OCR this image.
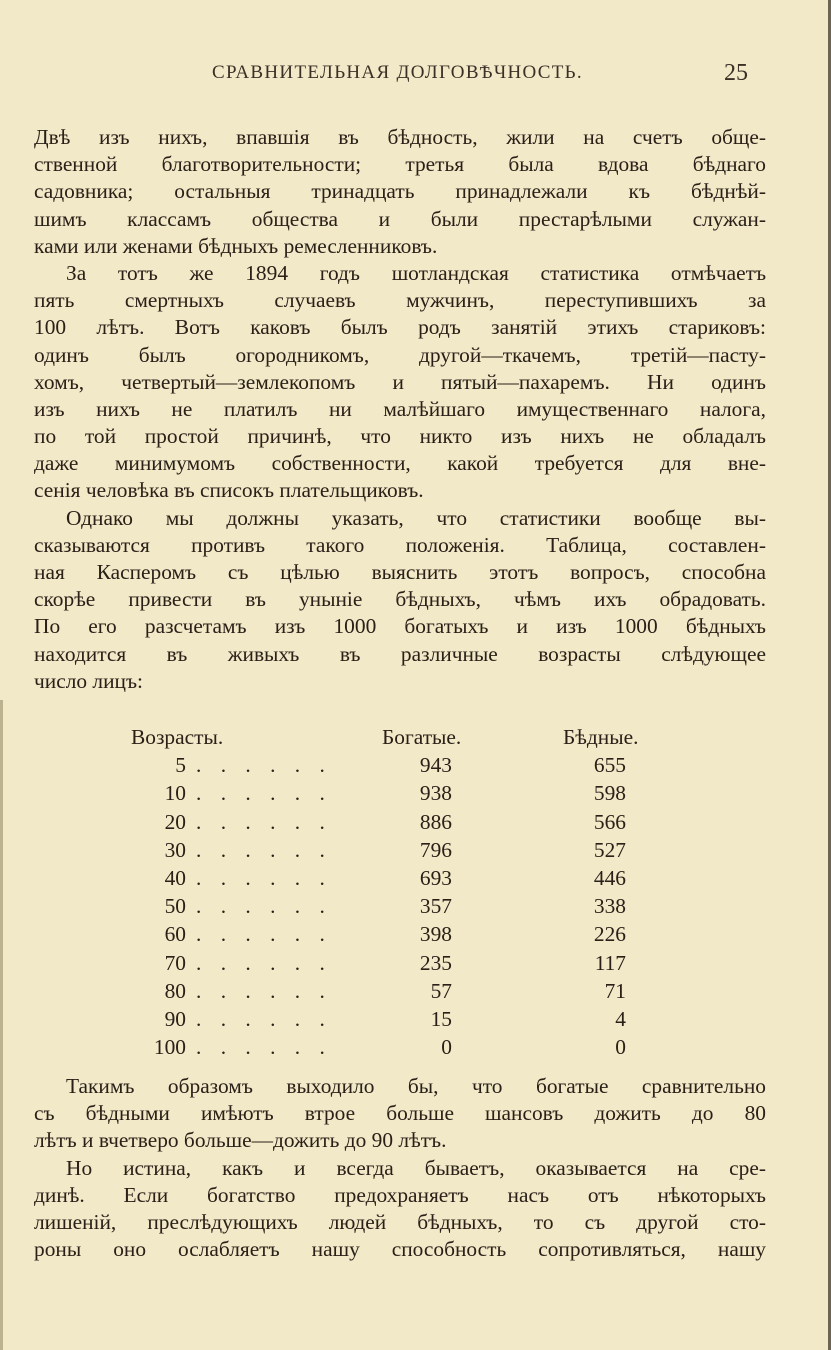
СРАВНИТЕЛЬНАЯ ДОЛГОВѢЧНОСТЬ.	25
Двѣ изъ нихъ, впавшія въ бѣдность, жили на счетъ обще-
ственной благотворительности; третья была вдова бѣднаго
садовника; остальныя тринадцать принадлежали къ бѣднѣй-
шимъ классамъ общества и были престарѣлыми служан-
ками или женами бѣдныхъ ремесленниковъ.
За тотъ же 1894 годъ шотландская статистика отмѣчаетъ
пять смертныхъ случаевъ мужчинъ, переступившихъ за
100 лѣтъ. Вотъ каковъ былъ родъ занятій этихъ стариковъ:
одинъ былъ огородникомъ, другой—ткачемъ, третій—пасту-
хомъ, четвертый—землекопомъ и пятый—пахаремъ. Ни одинъ
изъ нихъ не платилъ ни малѣйшаго имущественнаго налога,
по той простой причинѣ, что никто изъ нихъ не обладалъ
даже минимумомъ собственности, какой требуется для вне-
сенія человѣка въ списокъ плательщиковъ.
Однако мы должны указать, что статистики вообще вы-
сказываются противъ такого положенія. Таблица, составлен-
ная Касперомъ съ цѣлью выяснить этотъ вопросъ, способна
скорѣе привести въ уныніе бѣдныхъ, чѣмъ ихъ обрадовать.
По его разсчетамъ изъ 1000 богатыхъ и изъ 1000 бѣдныхъ
находится въ живыхъ въ различные возрасты слѣдующее
число лицъ:
Возрасты.	Богатые.	Бѣдные.
5 . . . . . .	943	655
10 . . . . . .	938	598
20 . . . . . .	886	566
30 . . . . . .	796	527
40 . . . . . .	693	446
50 . . . . . .	357	338
60 . . . . . .	398	226
70 . . . . . .	235	117
80 . . . . . .	57	71
90 . . . . . .	15	4
100 . . . . . .	0	0
Такимъ образомъ выходило бы, что богатые сравнительно
съ бѣдными имѣютъ втрое больше шансовъ дожить до 80
лѣтъ и вчетверо больше—дожить до 90 лѣтъ.
Но истина, какъ и всегда бываетъ, оказывается на сре-
динѣ. Если богатство предохраняетъ насъ отъ нѣкоторыхъ
лишеній, преслѣдующихъ людей бѣдныхъ, то съ другой сто-
роны оно ослабляетъ нашу способность сопротивляться, нашу
